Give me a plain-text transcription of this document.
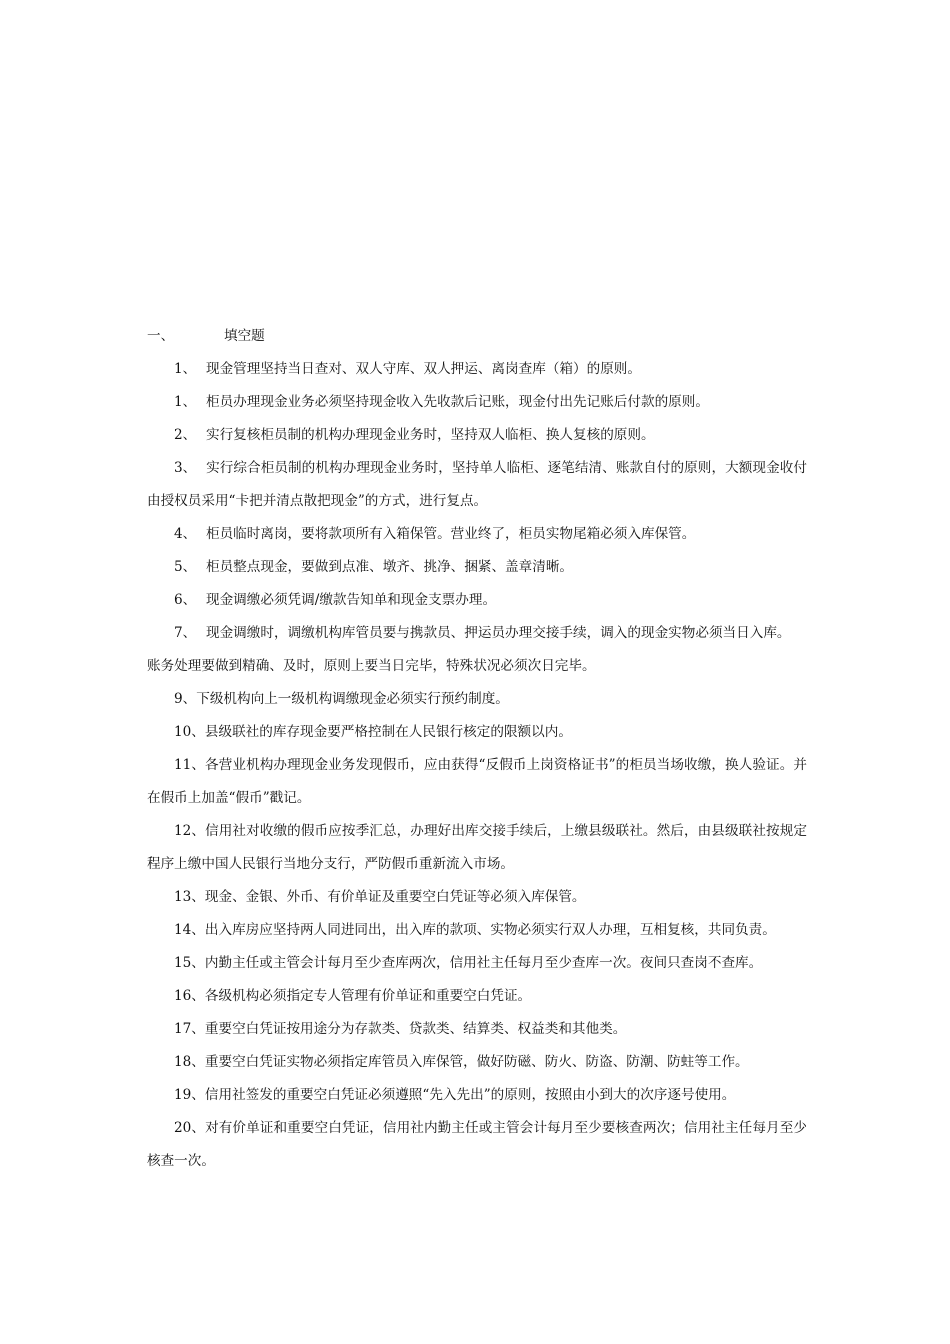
一、	填空题

1、 现金管理坚持当日查对、双人守库、双人押运、离岗查库（箱）的原则。

1、 柜员办理现金业务必须坚持现金收入先收款后记账，现金付出先记账后付款的原则。

2、 实行复核柜员制的机构办理现金业务时，坚持双人临柜、换人复核的原则。

3、 实行综合柜员制的机构办理现金业务时，坚持单人临柜、逐笔结清、账款自付的原则，大额现金收付由授权员采用“卡把并清点散把现金”的方式，进行复点。

4、 柜员临时离岗，要将款项所有入箱保管。营业终了，柜员实物尾箱必须入库保管。

5、 柜员整点现金，要做到点准、墩齐、挑净、捆紧、盖章清晰。

6、 现金调缴必须凭调/缴款告知单和现金支票办理。

7、 现金调缴时，调缴机构库管员要与携款员、押运员办理交接手续，调入的现金实物必须当日入库。

账务处理要做到精确、及时，原则上要当日完毕，特殊状况必须次日完毕。

9、下级机构向上一级机构调缴现金必须实行预约制度。

10、县级联社的库存现金要严格控制在人民银行核定的限额以内。

11、各营业机构办理现金业务发现假币，应由获得“反假币上岗资格证书”的柜员当场收缴，换人验证。并在假币上加盖“假币”戳记。

12、信用社对收缴的假币应按季汇总，办理好出库交接手续后，上缴县级联社。然后，由县级联社按规定程序上缴中国人民银行当地分支行，严防假币重新流入市场。

13、现金、金银、外币、有价单证及重要空白凭证等必须入库保管。

14、出入库房应坚持两人同进同出，出入库的款项、实物必须实行双人办理，互相复核，共同负责。

15、内勤主任或主管会计每月至少查库两次，信用社主任每月至少查库一次。夜间只查岗不查库。

16、各级机构必须指定专人管理有价单证和重要空白凭证。

17、重要空白凭证按用途分为存款类、贷款类、结算类、权益类和其他类。

18、重要空白凭证实物必须指定库管员入库保管，做好防磁、防火、防盗、防潮、防蛀等工作。

19、信用社签发的重要空白凭证必须遵照“先入先出”的原则，按照由小到大的次序逐号使用。

20、对有价单证和重要空白凭证，信用社内勤主任或主管会计每月至少要核查两次；信用社主任每月至少核查一次。
